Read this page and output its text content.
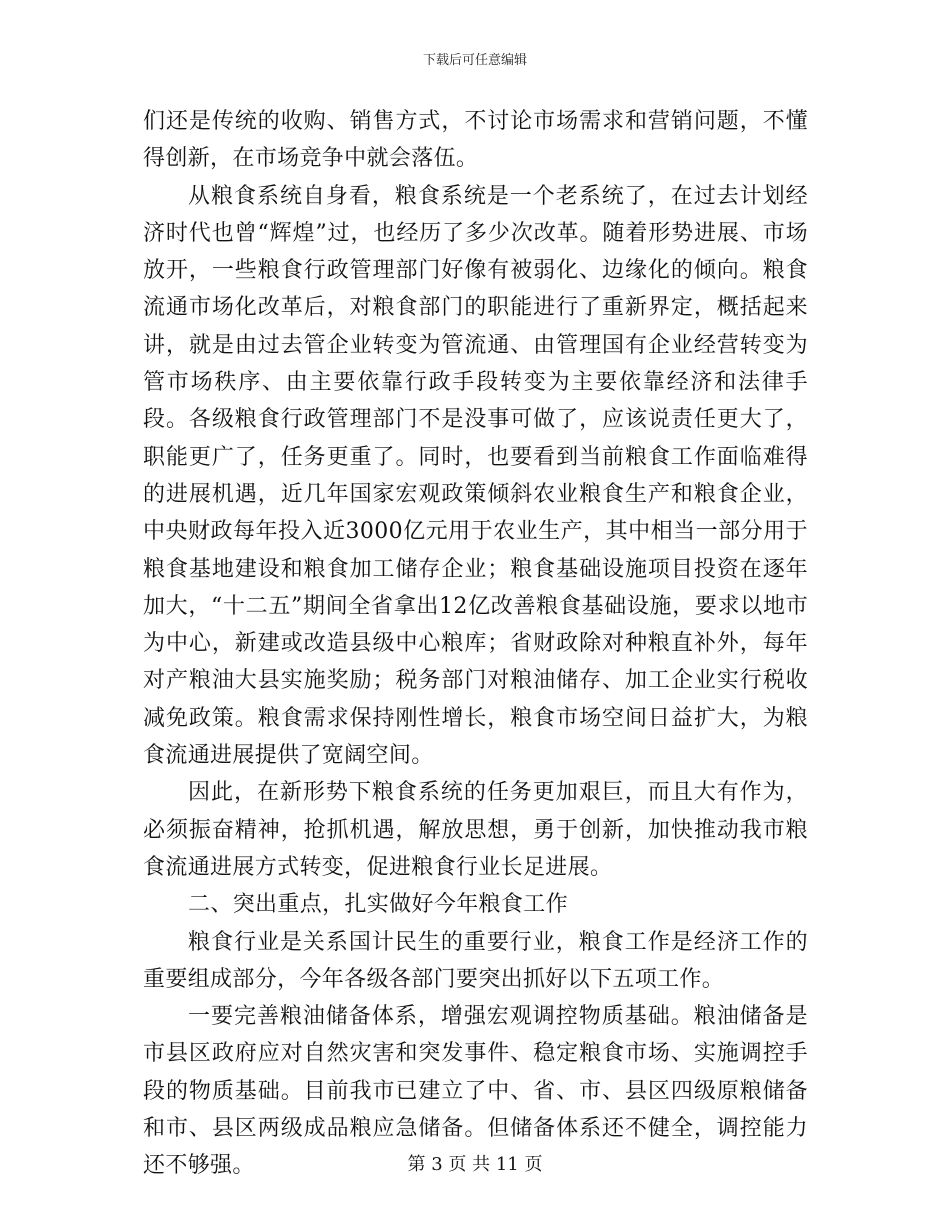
下载后可任意编辑

们还是传统的收购、销售方式，不讨论市场需求和营销问题，不懂得创新，在市场竞争中就会落伍。

从粮食系统自身看，粮食系统是一个老系统了，在过去计划经济时代也曾“辉煌”过，也经历了多少次改革。随着形势进展、市场放开，一些粮食行政管理部门好像有被弱化、边缘化的倾向。粮食流通市场化改革后，对粮食部门的职能进行了重新界定，概括起来讲，就是由过去管企业转变为管流通、由管理国有企业经营转变为管市场秩序、由主要依靠行政手段转变为主要依靠经济和法律手段。各级粮食行政管理部门不是没事可做了，应该说责任更大了，职能更广了，任务更重了。同时，也要看到当前粮食工作面临难得的进展机遇，近几年国家宏观政策倾斜农业粮食生产和粮食企业，中央财政每年投入近3000亿元用于农业生产，其中相当一部分用于粮食基地建设和粮食加工储存企业；粮食基础设施项目投资在逐年加大，“十二五”期间全省拿出12亿改善粮食基础设施，要求以地市为中心，新建或改造县级中心粮库；省财政除对种粮直补外，每年对产粮油大县实施奖励；税务部门对粮油储存、加工企业实行税收减免政策。粮食需求保持刚性增长，粮食市场空间日益扩大，为粮食流通进展提供了宽阔空间。

因此，在新形势下粮食系统的任务更加艰巨，而且大有作为，必须振奋精神，抢抓机遇，解放思想，勇于创新，加快推动我市粮食流通进展方式转变，促进粮食行业长足进展。

二、突出重点，扎实做好今年粮食工作

粮食行业是关系国计民生的重要行业，粮食工作是经济工作的重要组成部分，今年各级各部门要突出抓好以下五项工作。

一要完善粮油储备体系，增强宏观调控物质基础。粮油储备是市县区政府应对自然灾害和突发事件、稳定粮食市场、实施调控手段的物质基础。目前我市已建立了中、省、市、县区四级原粮储备和市、县区两级成品粮应急储备。但储备体系还不健全，调控能力还不够强。	第 3 页 共 11 页
